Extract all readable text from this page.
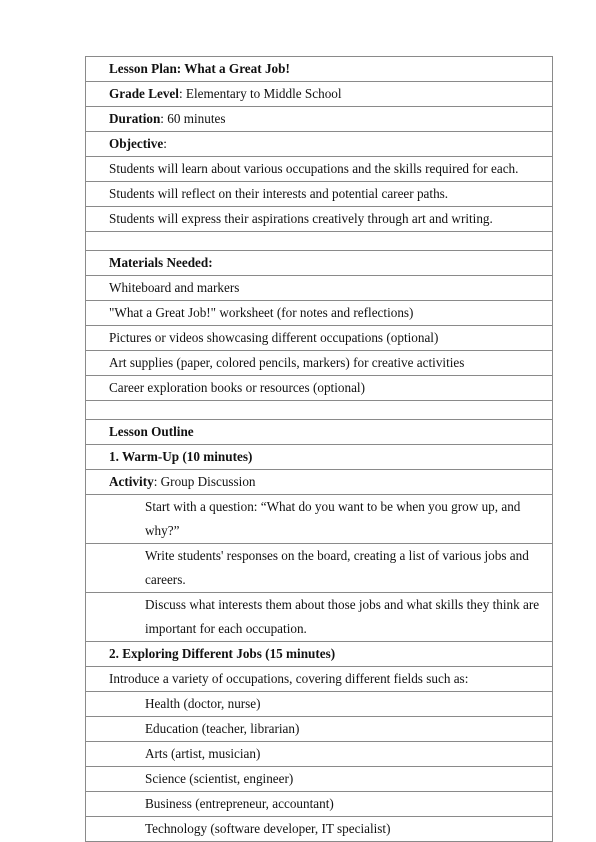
Lesson Plan: What a Great Job!
Grade Level: Elementary to Middle School
Duration: 60 minutes
Objective:
Students will learn about various occupations and the skills required for each.
Students will reflect on their interests and potential career paths.
Students will express their aspirations creatively through art and writing.

Materials Needed:
Whiteboard and markers
"What a Great Job!" worksheet (for notes and reflections)
Pictures or videos showcasing different occupations (optional)
Art supplies (paper, colored pencils, markers) for creative activities
Career exploration books or resources (optional)

Lesson Outline
1. Warm-Up (10 minutes)
Activity: Group Discussion
Start with a question: “What do you want to be when you grow up, and why?”
Write students' responses on the board, creating a list of various jobs and careers.
Discuss what interests them about those jobs and what skills they think are important for each occupation.
2. Exploring Different Jobs (15 minutes)
Introduce a variety of occupations, covering different fields such as:
Health (doctor, nurse)
Education (teacher, librarian)
Arts (artist, musician)
Science (scientist, engineer)
Business (entrepreneur, accountant)
Technology (software developer, IT specialist)
